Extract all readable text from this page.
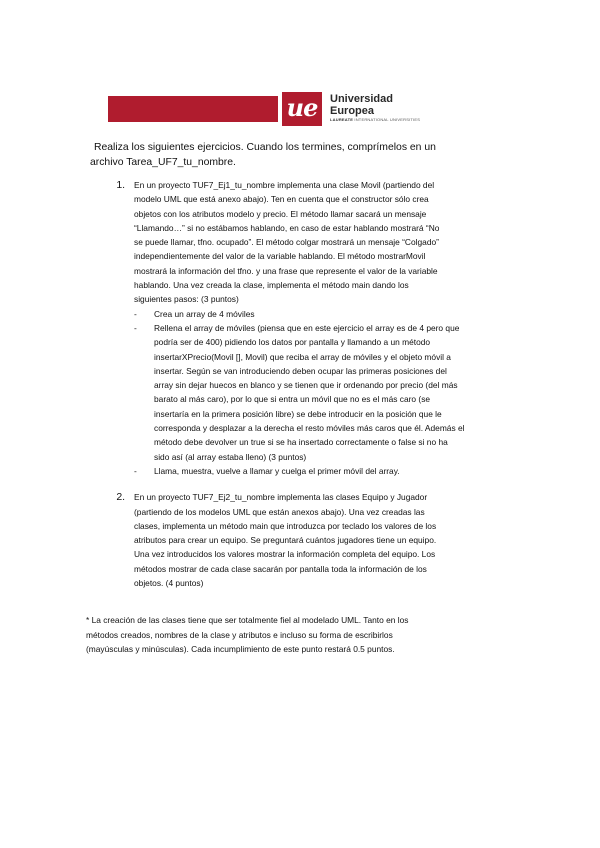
ue	Universidad
Europea
LAUREATE INTERNATIONAL UNIVERSITIES
Realiza los siguientes ejercicios. Cuando los termines, comprímelos en un
archivo Tarea_UF7_tu_nombre.
1. En un proyecto TUF7_Ej1_tu_nombre implementa una clase Movil (partiendo del
modelo UML que está anexo abajo). Ten en cuenta que el constructor sólo crea
objetos con los atributos modelo y precio. El método llamar sacará un mensaje
“Llamando…” si no estábamos hablando, en caso de estar hablando mostrará “No
se puede llamar, tfno. ocupado”. El método colgar mostrará un mensaje “Colgado”
independientemente del valor de la variable hablando. El método mostrarMovil
mostrará la información del tfno. y una frase que represente el valor de la variable
hablando. Una vez creada la clase, implementa el método main dando los
siguientes pasos: (3 puntos)
- Crea un array de 4 móviles
- Rellena el array de móviles (piensa que en este ejercicio el array es de 4 pero que
podría ser de 400) pidiendo los datos por pantalla y llamando a un método
insertarXPrecio(Movil [], Movil) que reciba el array de móviles y el objeto móvil a
insertar. Según se van introduciendo deben ocupar las primeras posiciones del
array sin dejar huecos en blanco y se tienen que ir ordenando por precio (del más
barato al más caro), por lo que si entra un móvil que no es el más caro (se
insertaría en la primera posición libre) se debe introducir en la posición que le
corresponda y desplazar a la derecha el resto móviles más caros que él. Además el
método debe devolver un true si se ha insertado correctamente o false si no ha
sido así (al array estaba lleno) (3 puntos)
- Llama, muestra, vuelve a llamar y cuelga el primer móvil del array.
2. En un proyecto TUF7_Ej2_tu_nombre implementa las clases Equipo y Jugador
(partiendo de los modelos UML que están anexos abajo). Una vez creadas las
clases, implementa un método main que introduzca por teclado los valores de los
atributos para crear un equipo. Se preguntará cuántos jugadores tiene un equipo.
Una vez introducidos los valores mostrar la información completa del equipo. Los
métodos mostrar de cada clase sacarán por pantalla toda la información de los
objetos. (4 puntos)
* La creación de las clases tiene que ser totalmente fiel al modelado UML. Tanto en los
métodos creados, nombres de la clase y atributos e incluso su forma de escribirlos
(mayúsculas y minúsculas). Cada incumplimiento de este punto restará 0.5 puntos.
